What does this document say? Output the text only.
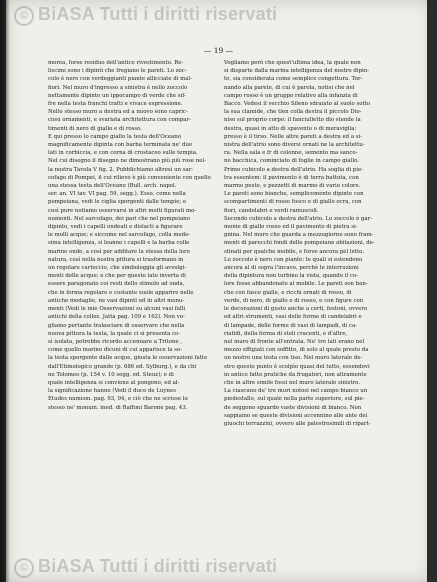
© BiASA Tutti i diritti riservati
— 19 —
morea, forse residuo dell'antico rivestimento. Re-
liscimi sono i dipinti che fregiano le pareti. Lo zoc-
colo è nero con verdeggianti piante allicciate di mal-
fiori. Nel muro d'ingresso a sinistra è nello zoccolo
nettamente dipinto un ippocampo di verde che sif-
fre nella testa franchi tratti e vivace espressione.
Nello stesso muro a destra ed a nuovo sono capric-
ciosi ornamenti, e svariata architettura con compar-
timenti di nero di giallo e di rosso.
E qui presso lo campo giallo la testa dell'Oceano
magnificamente dipinta con barba terminata ne' due
lati in corbiccia, e con corna di crostaceo sulle tempia.
Nel cui disegno il disegno ne dimostrano più più rose nel-
la nostra Tavola V fig. 2. Pubblichiamo altresì un sar-
cofago di Pompei, il cui rilievo è più conveniente con quello
una stessa testa dell'Oceano (Bull. arch. napol.
ser. an. VI tav. VI pag. 59, segg.). Esso, come nella
pompeiana, vedi le ciglia sporgenti dalle tempie; e
così pure notiamo osservarsi in altri molti figurati mo-
numenti. Nel sarcofago, dei pari che nel pompeiano
dipinto, vedi i capelli ondeati e dislacti a figurare
le molli acque; e siccome nel sarcofago, colla mede-
sima intelligenza, si leanno i capelli e la barba colle
marine onde, a così per additare la stessa della loro
natura, così nella nostra pittura si trasformano in
un regolare cartoccio, che simboleggia gli avvolgi-
menti delle acque; e che per questo lato inverta di
essere paragonato coi resti dello stimolo ad onda,
che in forma regolare e costante suole apparire nelle
antiche medaglie, ne vasi dipinti ed in altri monu-
menti (Vedi le mie Osservazioni su alcuni vasi falli
antichi della collez. Jatta pag. 109 e 162). Non vo-
gliamo pertanto tralasciare di osservare che nella
nuova pittura la testa, la quale ci si presenta co-
sì isolata, potrebbe ricordo accennare a Tritone ,
come quello marino dìcuni di cui apparisce la so-
la testa sporgente dalle acque, giusta le osservazioni fatte
dall'Etimologico grande (p. 686 ed. Sylburg.), e da chi
ne Tolomeo (p. 154 v. 10 segg. ed. Steuz); e di
quale intelligenza si conviene al pongono, ed al-
la significazione hanno (Vedi il duce de Luynes
Études numism. pag. 93, 94, e ciò che ne scrisse lo
stesso ne' monum. ined. di Raffoni Barone pag. 43.
Vogliamo però che quest'ultima idea, la quale non
si disparte dalla marina intelligenza del nostro dipin-
to, sia considerata come semplice congettura. Tor-
nando alla parete, di cui è parola, notisi che nel
campo rosso è un gruppo relativo alla infanzia di
Bacco. Vedesi il vecchio Sileno sdraiato al suolo sotto
la sua clamide, che tien colla destra il piccolo Dio-
niso sul proprio corpo: il fanciulletto dio stende la
destra, quasi in atto di spavento o di meraviglia:
presso è il tirso. Nelle altre pareti a destra ed a si-
nistra dell'atrio sono diversi ornati ne la architettu-
ra. Nella sala e fr di colonne, semento ma sanco-
no bacchica, cominciato di foglie in campo giallo.
Primo cubicolo a destra dell'atrio. Ha soglia di pie-
tra essentem: il pavimento è di terra battuta, con
marmo pesto, e pezzetti di marmo di vario colore.
Le pareti sono bianche, semplicemente dipinte con
scompartimenti di rosso fosco e di giallo ocra, con
fiori, candelabri e verdi ramuscoli.
Secondo cubicolo a destra dell'atrio. Lo zoccolo è gar-
monie di giallo rosso ed il pavimento di pietra si-
gnina. Nel muro che guarda a mezzogiorno sono fram-
menti di parecchi fondi delle pompeiane abitazioni, de-
stinati per qualche mobile, e forse ancora pel letto.
Lo zoccolo è nero con piante: le quali si estendono
ancora al di sopra l'incavo, perchè le interruzioni
della dipintura non turbino la vista, quando il co-
lore fosse abbandonato al mobile. Le pareti son ban-
che con fasce gialle, e ricchi ornati di rosso, di
verde, di nero, di giallo e di rosso, e con figure con
le decorazioni di gusto anche a certi, festoni, ovvero
ed altri strumenti, vasi delle forme di candelabri e
di lampade, delle forme di vasi di lampadi, di ca-
riatidi, della forma di steli cracenti, e d'altre,
nel muro di fronte all'entrata. Ne' tre lati erano nel
mezzo effigiati con soffitto, di solo al quale presto da
un nostro una testa con tiso. Nel muro laterale de-
stro questo punto è scolpìo quasi del tutto, essendovi
in antico fatto pratiche da frugatori, non altramente
che in altre simile fossi nel muro laterale sinistro.
La ciascuno de' tre muri notosi nel campo bianco un
piedestallo, sul quale nella parte superiore, sul pie-
de seggono sguardo vaste divisioni di bianco. Non
sappiamo se queste divisioni accennino alle ante dei
giuochi terrazzini, ovvero alle palestrosimili di ripart-
© BiASA Tutti i diritti riservati
